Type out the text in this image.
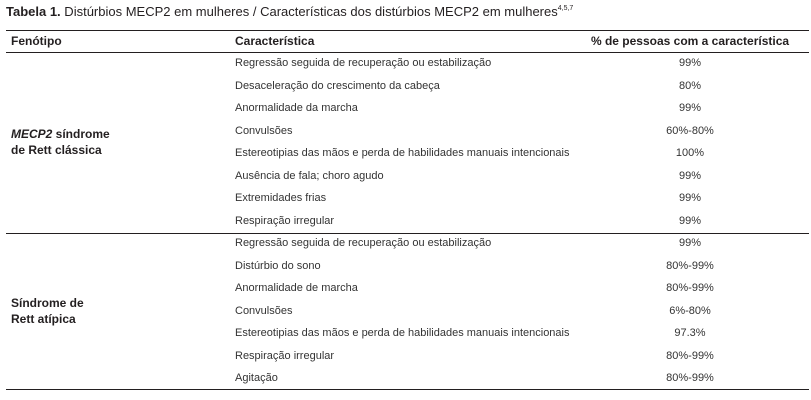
Tabela 1. Distúrbios MECP2 em mulheres / Características dos distúrbios MECP2 em mulheres$^{4,5,7}$
Fenótipo	Característica	% de pessoas com a característica
MECP2 síndrome
de Rett clássica
Regressão seguida de recuperação ou estabilização	99%
Desaceleração do crescimento da cabeça	80%
Anormalidade da marcha	99%
Convulsões	60%-80%
Estereotipias das mãos e perda de habilidades manuais intencionais	100%
Ausência de fala; choro agudo	99%
Extremidades frias	99%
Respiração irregular	99%
Síndrome de
Rett atípica
Regressão seguida de recuperação ou estabilização	99%
Distúrbio do sono	80%-99%
Anormalidade de marcha	80%-99%
Convulsões	6%-80%
Estereotipias das mãos e perda de habilidades manuais intencionais	97.3%
Respiração irregular	80%-99%
Agitação	80%-99%
